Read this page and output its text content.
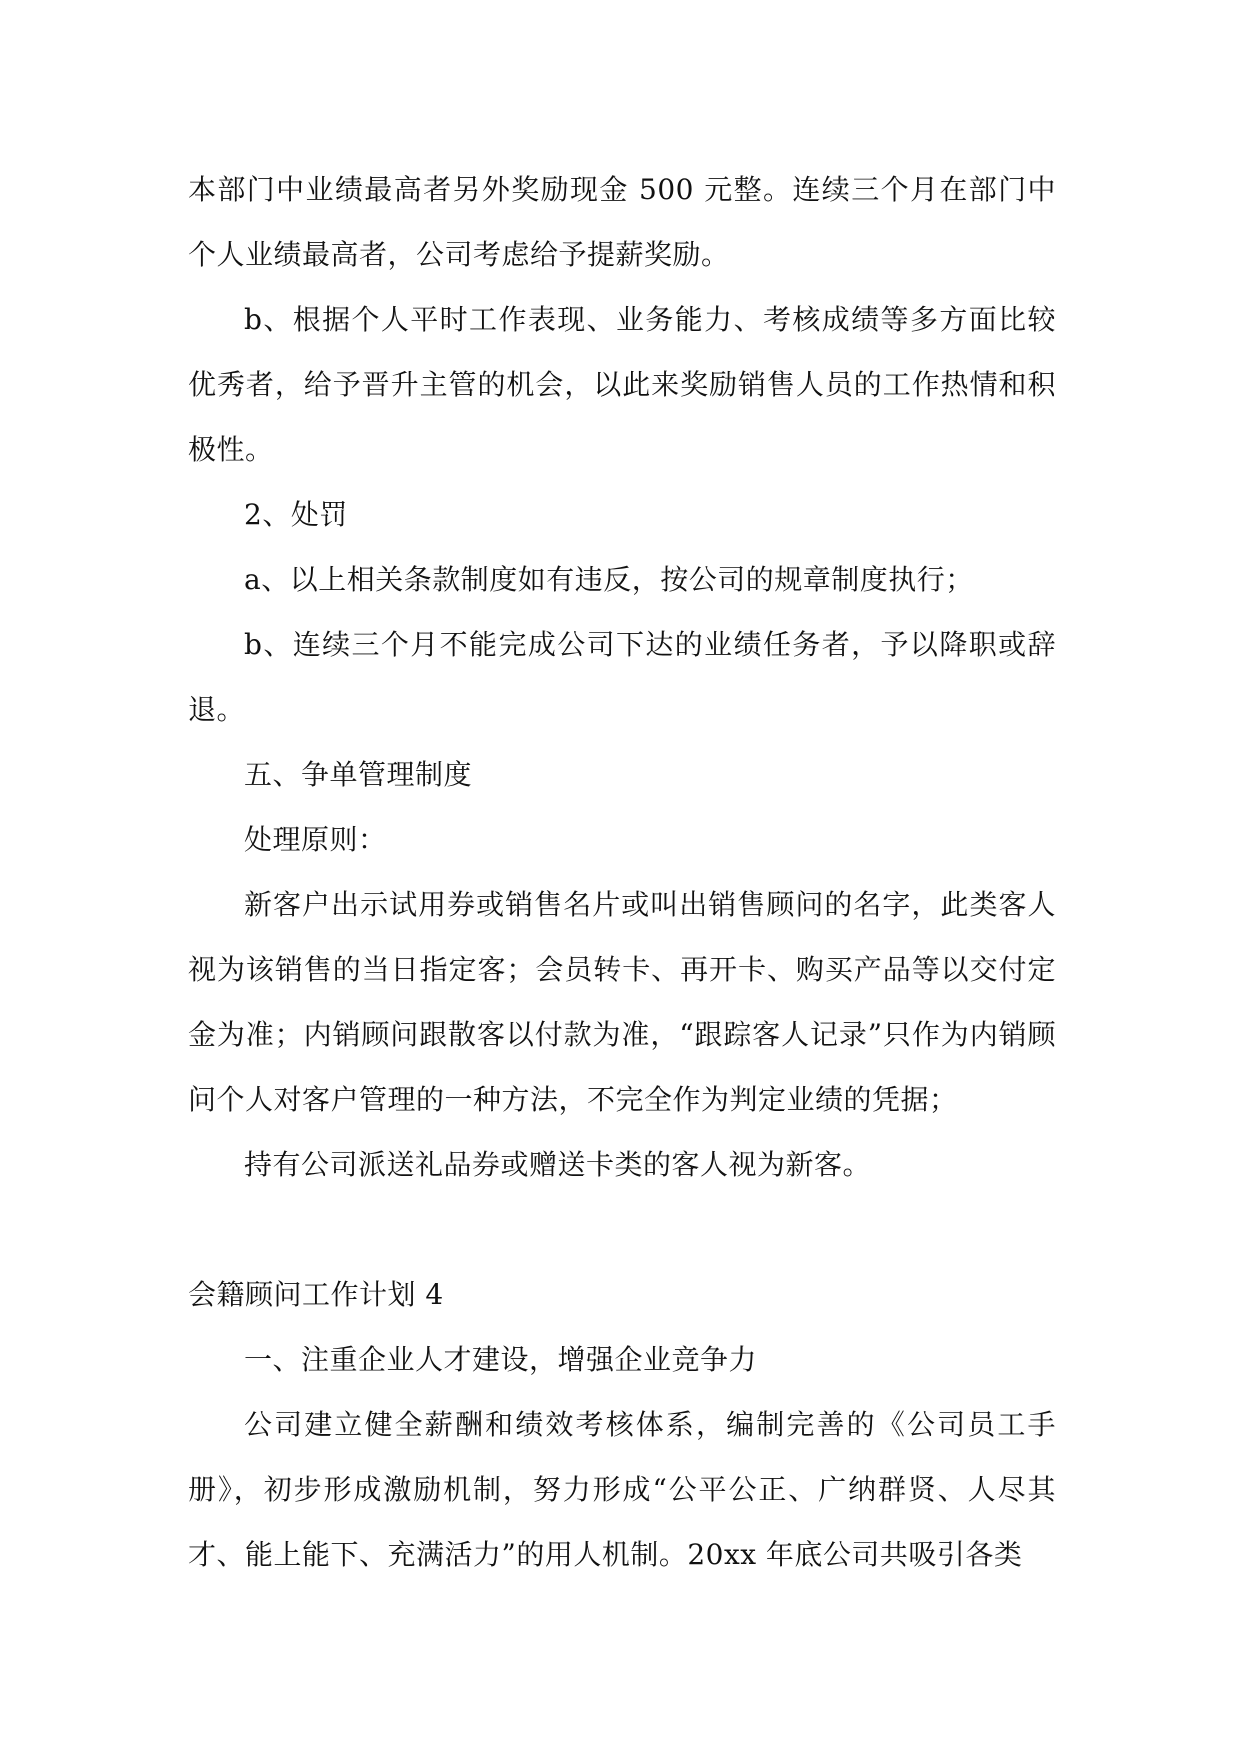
本部门中业绩最高者另外奖励现金 500 元整。连续三个月在部门中个人业绩最高者，公司考虑给予提薪奖励。

b、根据个人平时工作表现、业务能力、考核成绩等多方面比较优秀者，给予晋升主管的机会，以此来奖励销售人员的工作热情和积极性。

2、处罚

a、以上相关条款制度如有违反，按公司的规章制度执行；

b、连续三个月不能完成公司下达的业绩任务者，予以降职或辞退。

五、争单管理制度

处理原则：

新客户出示试用券或销售名片或叫出销售顾问的名字，此类客人视为该销售的当日指定客；会员转卡、再开卡、购买产品等以交付定金为准；内销顾问跟散客以付款为准，“跟踪客人记录”只作为内销顾问个人对客户管理的一种方法，不完全作为判定业绩的凭据；

持有公司派送礼品券或赠送卡类的客人视为新客。

会籍顾问工作计划 4

一、注重企业人才建设，增强企业竞争力

公司建立健全薪酬和绩效考核体系，编制完善的《公司员工手册》，初步形成激励机制，努力形成“公平公正、广纳群贤、人尽其才、能上能下、充满活力”的用人机制。20xx 年底公司共吸引各类
